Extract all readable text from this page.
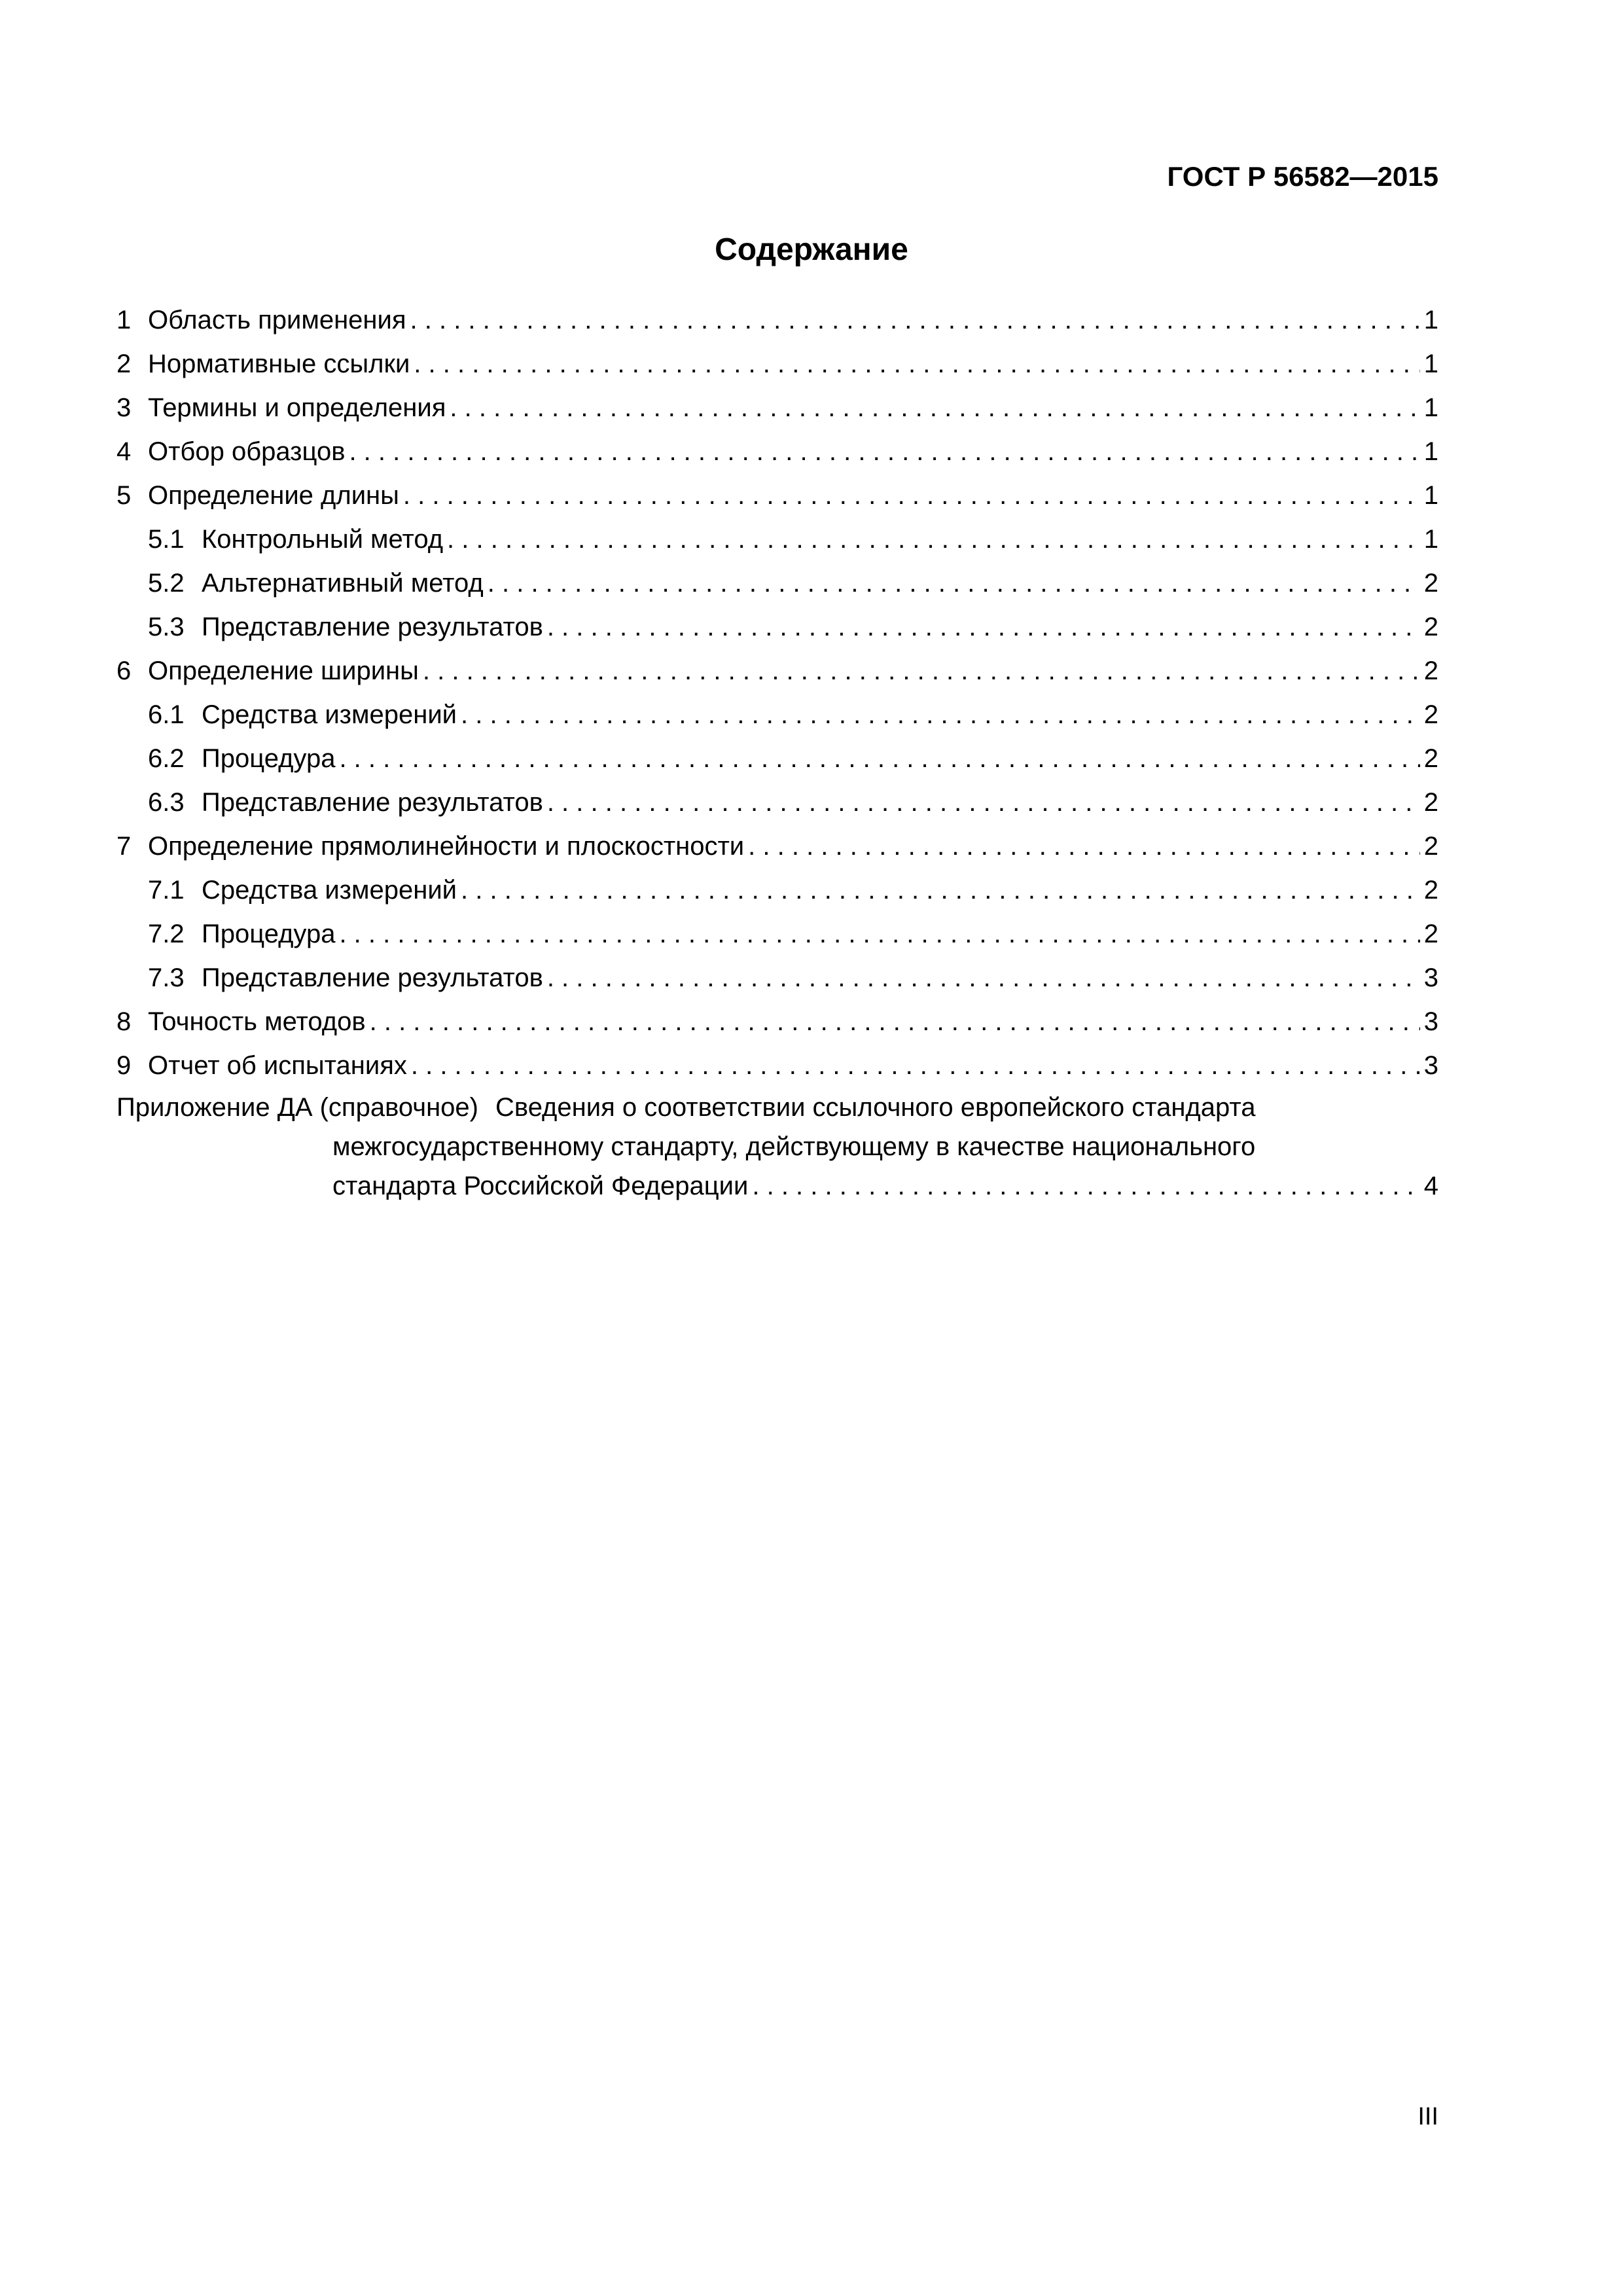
ГОСТ Р 56582—2015
Содержание
1 Область применения . . .	1
2 Нормативные ссылки . . .	1
3 Термины и определения . . .	1
4 Отбор образцов . . .	1
5 Определение длины . . .	1
5.1 Контрольный метод . . .	1
5.2 Альтернативный метод . . .	2
5.3 Представление результатов . . .	2
6 Определение ширины . . .	2
6.1 Средства измерений . . .	2
6.2 Процедура . . .	2
6.3 Представление результатов . . .	2
7 Определение прямолинейности и плоскостности . . .	2
7.1 Средства измерений . . .	2
7.2 Процедура . . .	2
7.3 Представление результатов . . .	3
8 Точность методов . . .	3
9 Отчет об испытаниях . . .	3
Приложение ДА (справочное) Сведения о соответствии ссылочного европейского стандарта
межгосударственному стандарту, действующему в качестве национального
стандарта Российской Федерации . . .	4
III
